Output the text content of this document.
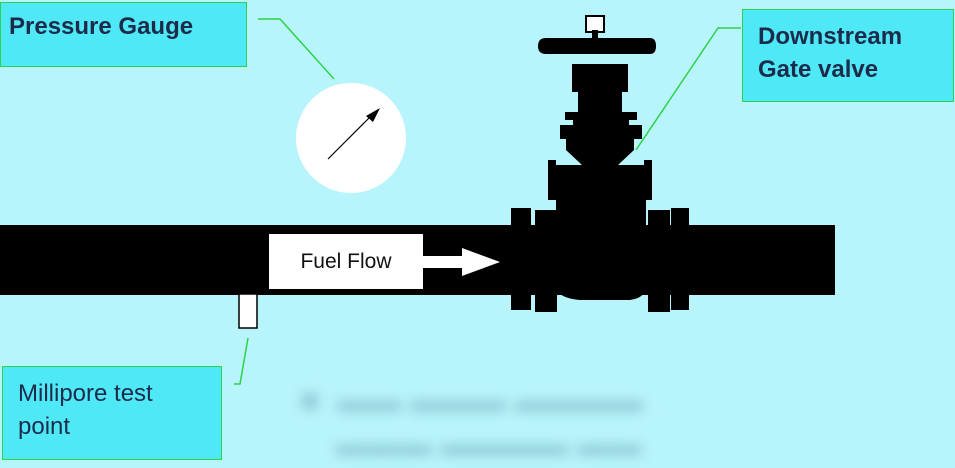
Pressure Gauge	Downstream
Gate valve
Millipore test
point
Fuel Flow
■  ▬▬ ▬▬▬ ▬▬▬▬
▬▬▬ ▬▬▬▬ ▬▬
